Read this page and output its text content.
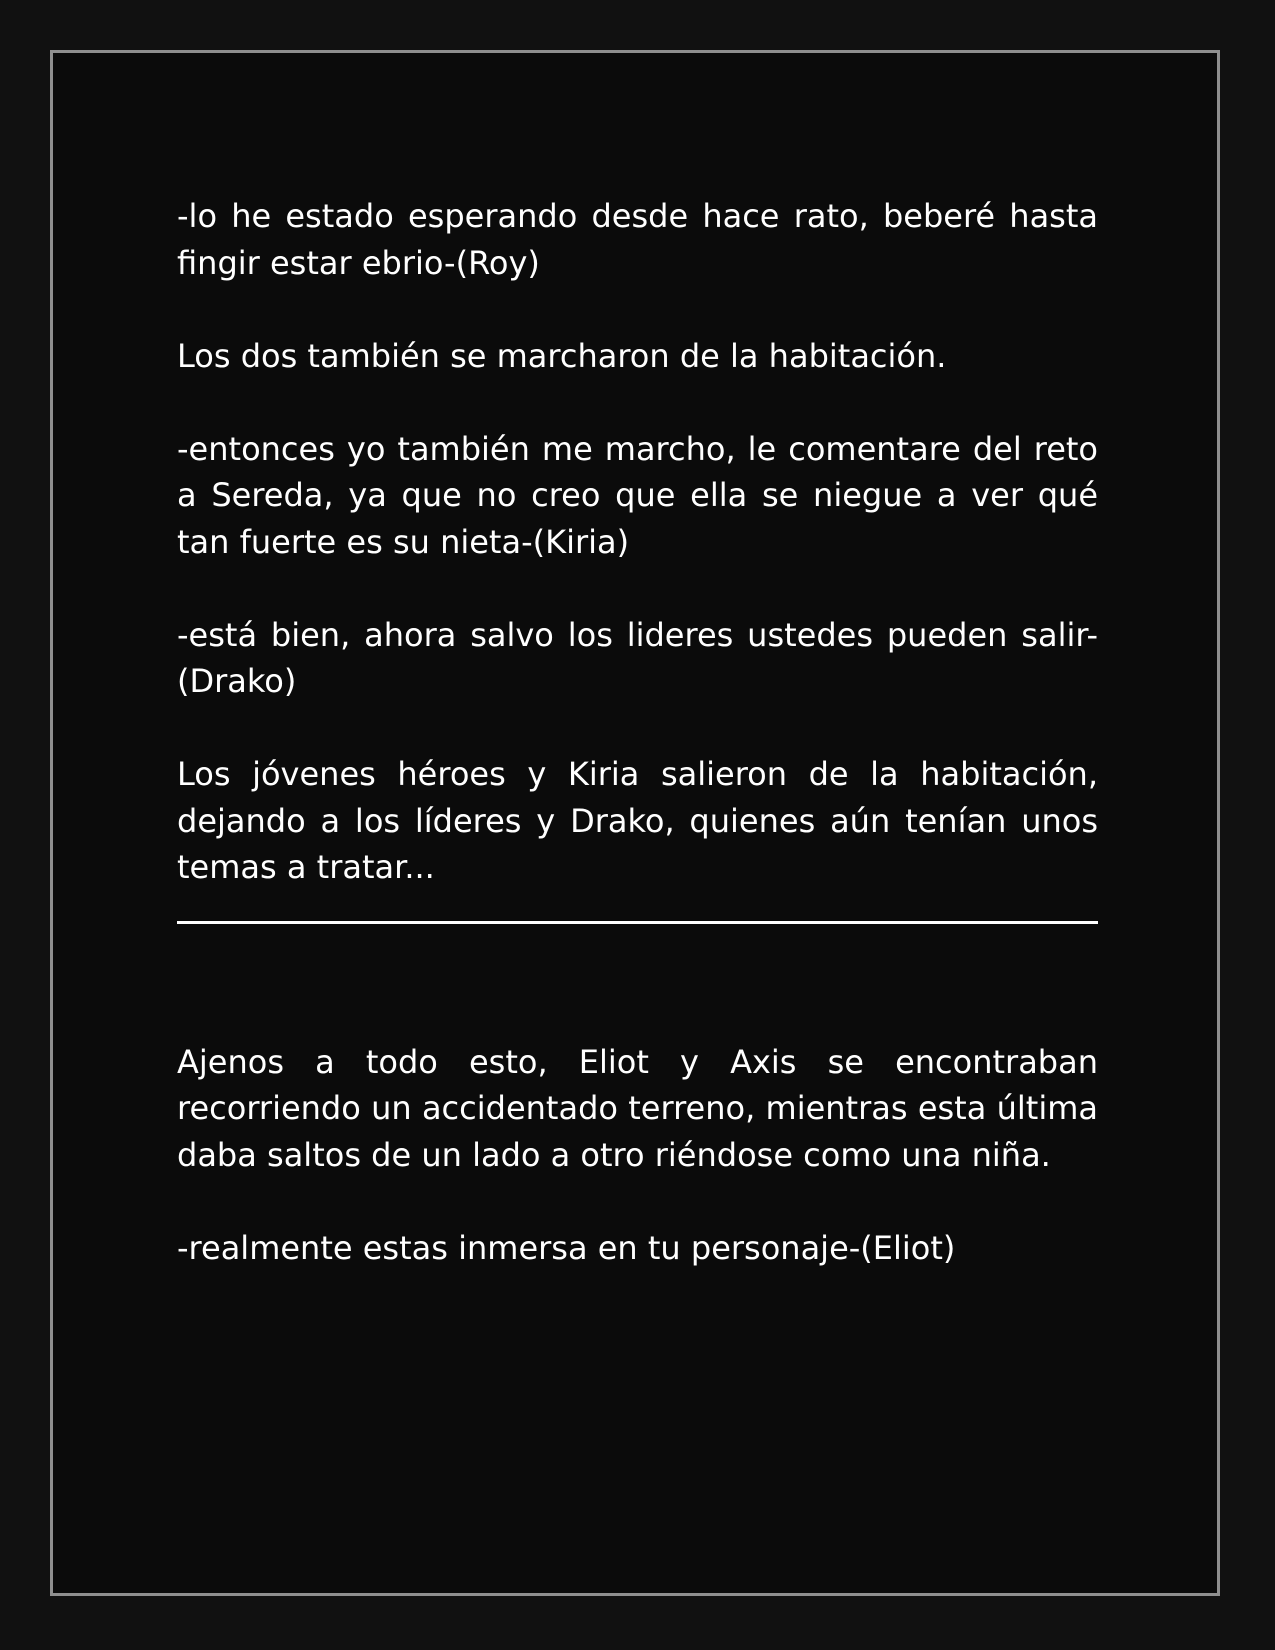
-lo he estado esperando desde hace rato, beberé hasta fingir estar ebrio-(Roy)

Los dos también se marcharon de la habitación.

-entonces yo también me marcho, le comentare del reto a Sereda, ya que no creo que ella se niegue a ver qué tan fuerte es su nieta-(Kiria)

-está bien, ahora salvo los lideres ustedes pueden salir-(Drako)

Los jóvenes héroes y Kiria salieron de la habitación, dejando a los líderes y Drako, quienes aún tenían unos temas a tratar...

Ajenos a todo esto, Eliot y Axis se encontraban recorriendo un accidentado terreno, mientras esta última daba saltos de un lado a otro riéndose como una niña.

-realmente estas inmersa en tu personaje-(Eliot)
